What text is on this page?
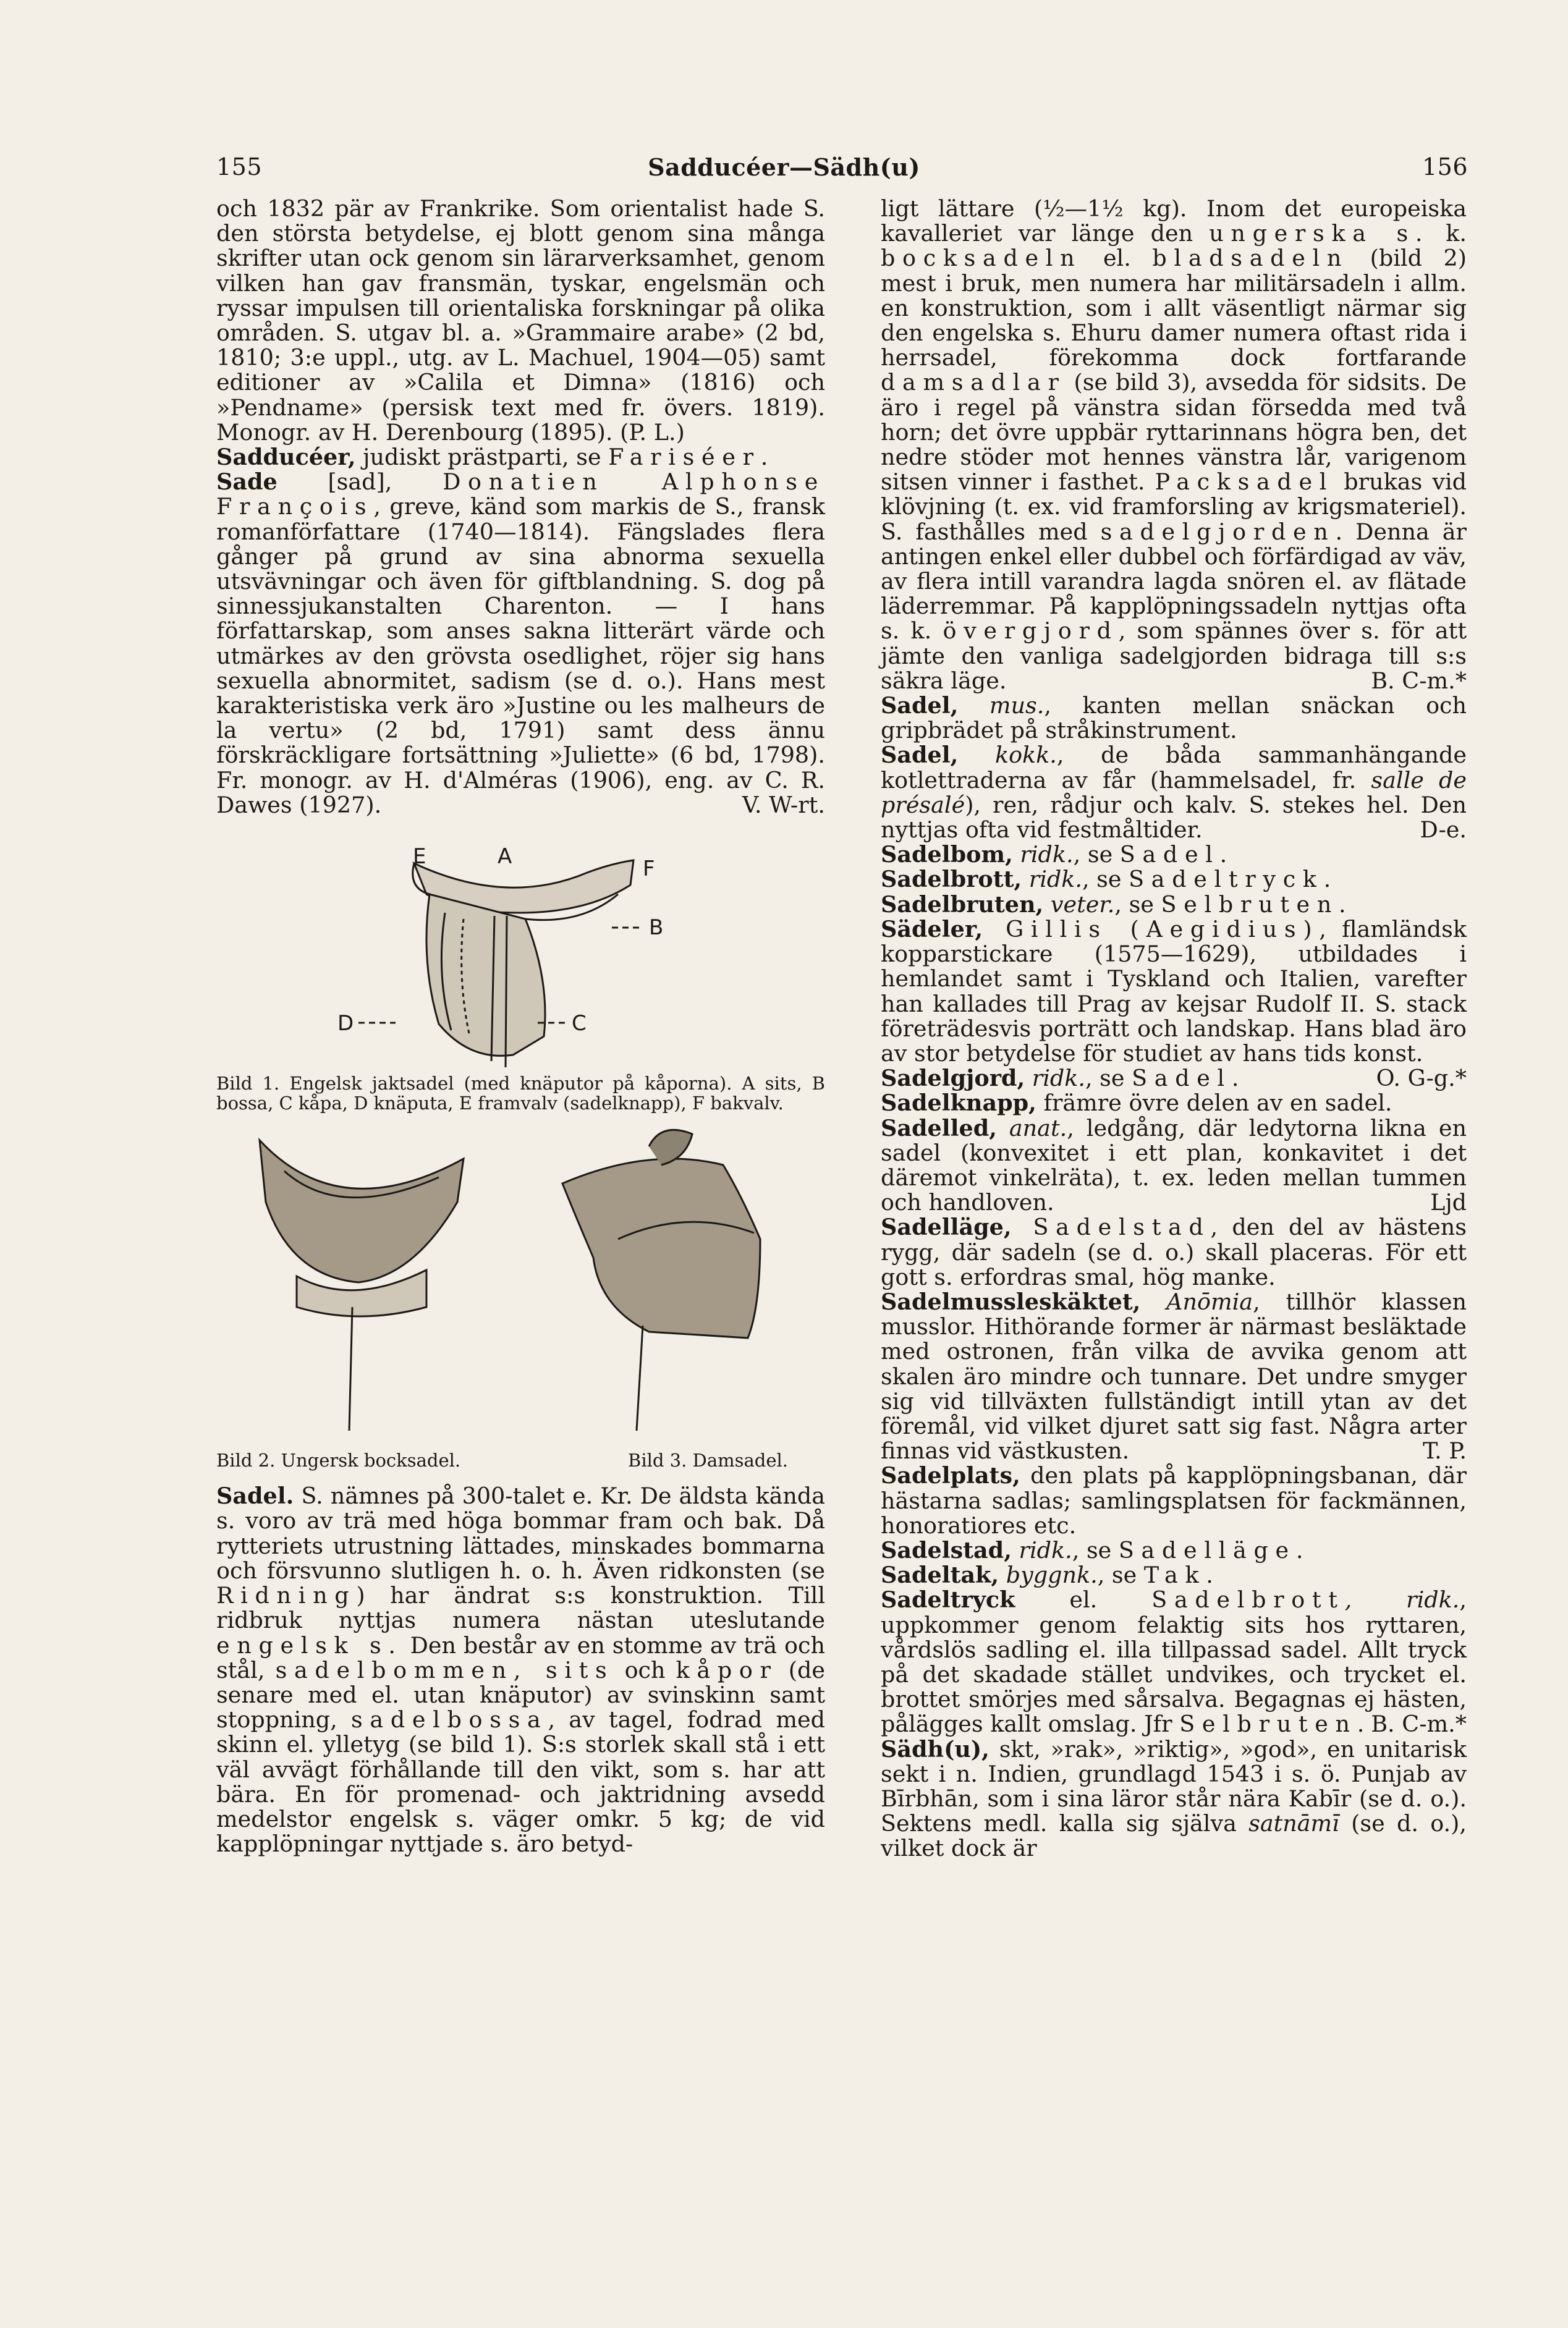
155	Sadducéer—Sädh(u)	156

och 1832 pär av Frankrike. Som orientalist hade S. den största betydelse, ej blott genom sina många skrifter utan ock genom sin lärarverksamhet, genom vilken han gav fransmän, tyskar, engelsmän och ryssar impulsen till orientaliska forskningar på olika områden. S. utgav bl. a. »Grammaire arabe» (2 bd, 1810; 3:e uppl., utg. av L. Machuel, 1904—05) samt editioner av »Calila et Dimna» (1816) och »Pendname» (persisk text med fr. övers. 1819). Monogr. av H. Derenbourg (1895). (P. L.)

Sadducéer, judiskt prästparti, se Fariséer.

Sade [sad], Donatien Alphonse François, greve, känd som markis de S., fransk romanförfattare (1740—1814). Fängslades flera gånger på grund av sina abnorma sexuella utsvävningar och även för giftblandning. S. dog på sinnessjukanstalten Charenton. — I hans författarskap, som anses sakna litterärt värde och utmärkes av den grövsta osedlighet, röjer sig hans sexuella abnormitet, sadism (se d. o.). Hans mest karakteristiska verk äro »Justine ou les malheurs de la vertu» (2 bd, 1791) samt dess ännu förskräckligare fortsättning »Juliette» (6 bd, 1798). Fr. monogr. av H. d'Alméras (1906), eng. av C. R. Dawes (1927).	V. W-rt.

E	A	F
B
D	C

Bild 1. Engelsk jaktsadel (med knäputor på kåporna). A sits, B bossa, C kåpa, D knäputa, E framvalv (sadelknapp), F bakvalv.

Bild 2. Ungersk bocksadel.	Bild 3. Damsadel.

Sadel. S. nämnes på 300-talet e. Kr. De äldsta kända s. voro av trä med höga bommar fram och bak. Då rytteriets utrustning lättades, minskades bommarna och försvunno slutligen h. o. h. Även ridkonsten (se Ridning) har ändrat s:s konstruktion. Till ridbruk nyttjas numera nästan uteslutande engelsk s. Den består av en stomme av trä och stål, sadelbommen, sits och kåpor (de senare med el. utan knäputor) av svinskinn samt stoppning, sadelbossa, av tagel, fodrad med skinn el. ylletyg (se bild 1). S:s storlek skall stå i ett väl avvägt förhållande till den vikt, som s. har att bära. En för promenad- och jaktridning avsedd medelstor engelsk s. väger omkr. 5 kg; de vid kapplöpningar nyttjade s. äro betyd-

ligt lättare (½—1½ kg). Inom det europeiska kavalleriet var länge den ungerska s. k. bocksadeln el. bladsadeln (bild 2) mest i bruk, men numera har militärsadeln i allm. en konstruktion, som i allt väsentligt närmar sig den engelska s. Ehuru damer numera oftast rida i herrsadel, förekomma dock fortfarande damsadlar (se bild 3), avsedda för sidsits. De äro i regel på vänstra sidan försedda med två horn; det övre uppbär ryttarinnans högra ben, det nedre stöder mot hennes vänstra lår, varigenom sitsen vinner i fasthet. Packsadel brukas vid klövjning (t. ex. vid framforsling av krigsmateriel). S. fasthålles med sadelgjorden. Denna är antingen enkel eller dubbel och förfärdigad av väv, av flera intill varandra lagda snören el. av flätade läderremmar. På kapplöpningssadeln nyttjas ofta s. k. övergjord, som spännes över s. för att jämte den vanliga sadelgjorden bidraga till s:s säkra läge.	B. C-m.*

Sadel, mus., kanten mellan snäckan och gripbrädet på stråkinstrument.

Sadel, kokk., de båda sammanhängande kotlettraderna av får (hammelsadel, fr. salle de présalé), ren, rådjur och kalv. S. stekes hel. Den nyttjas ofta vid festmåltider.	D-e.

Sadelbom, ridk., se Sadel.

Sadelbrott, ridk., se Sadeltryck.

Sadelbruten, veter., se Selbruten.

Sädeler, Gillis (Aegidius), flamländsk kopparstickare (1575—1629), utbildades i hemlandet samt i Tyskland och Italien, varefter han kallades till Prag av kejsar Rudolf II. S. stack företrädesvis porträtt och landskap. Hans blad äro av stor betydelse för studiet av hans tids konst.
O. G-g.*

Sadelgjord, ridk., se Sadel.

Sadelknapp, främre övre delen av en sadel.

Sadelled, anat., ledgång, där ledytorna likna en sadel (konvexitet i ett plan, konkavitet i det däremot vinkelräta), t. ex. leden mellan tummen och handloven.	Ljd

Sadelläge, Sadelstad, den del av hästens rygg, där sadeln (se d. o.) skall placeras. För ett gott s. erfordras smal, hög manke.

Sadelmussleskäktet, Anōmia, tillhör klassen musslor. Hithörande former är närmast besläktade med ostronen, från vilka de avvika genom att skalen äro mindre och tunnare. Det undre smyger sig vid tillväxten fullständigt intill ytan av det föremål, vid vilket djuret satt sig fast. Några arter finnas vid västkusten.	T. P.

Sadelplats, den plats på kapplöpningsbanan, där hästarna sadlas; samlingsplatsen för fackmännen, honoratiores etc.

Sadelstad, ridk., se Sadelläge.

Sadeltak, byggnk., se Tak.

Sadeltryck el. Sadelbrott, ridk., uppkommer genom felaktig sits hos ryttaren, vårdslös sadling el. illa tillpassad sadel. Allt tryck på det skadade stället undvikes, och trycket el. brottet smörjes med sårsalva. Begagnas ej hästen, pålägges kallt omslag. Jfr Selbruten. B. C-m.*

Sädh(u), skt, »rak», »riktig», »god», en unitarisk sekt i n. Indien, grundlagd 1543 i s. ö. Punjab av Bīrbhān, som i sina läror står nära Kabīr (se d. o.). Sektens medl. kalla sig själva satnāmī (se d. o.), vilket dock är
